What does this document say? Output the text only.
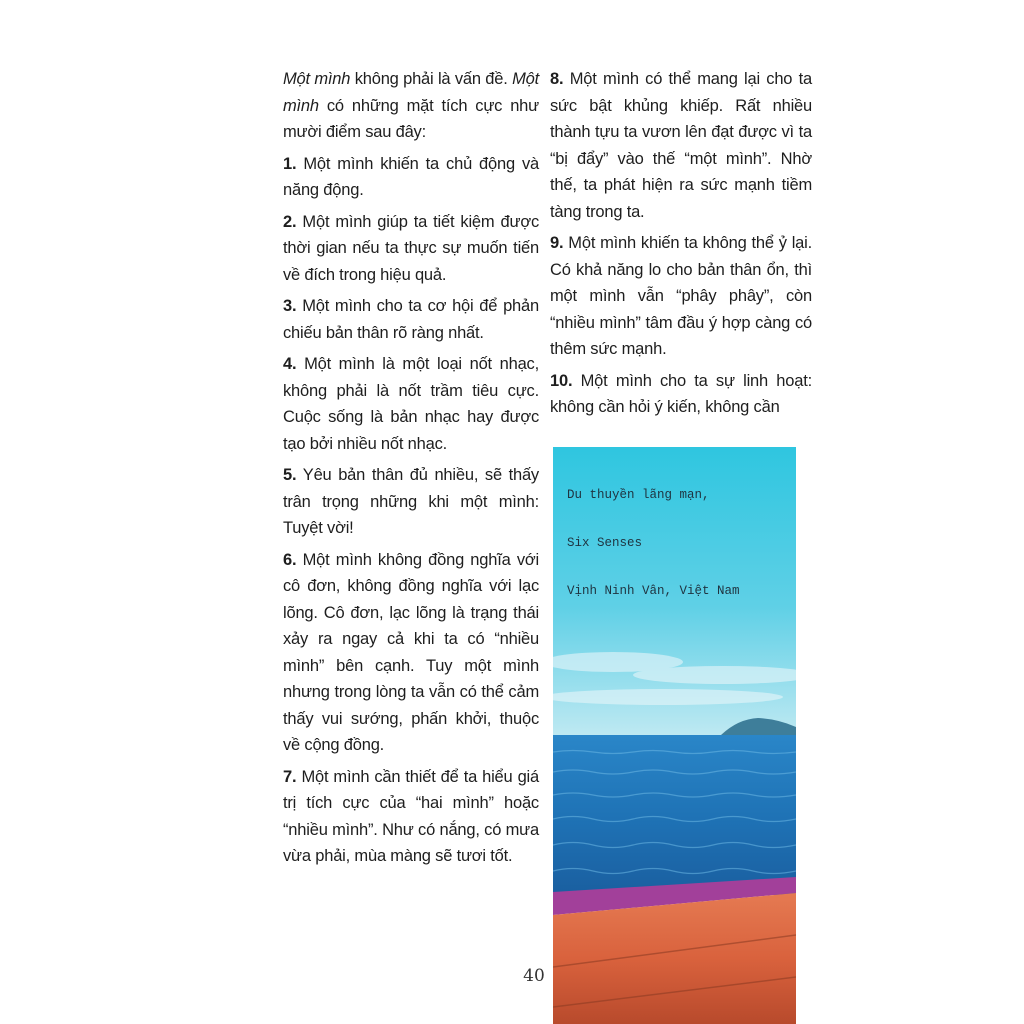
Một mình không phải là vấn đề. Một mình có những mặt tích cực như mười điểm sau đây:

1. Một mình khiến ta chủ động và năng động.

2. Một mình giúp ta tiết kiệm được thời gian nếu ta thực sự muốn tiến về đích trong hiệu quả.

3. Một mình cho ta cơ hội để phản chiếu bản thân rõ ràng nhất.

4. Một mình là một loại nốt nhạc, không phải là nốt trầm tiêu cực. Cuộc sống là bản nhạc hay được tạo bởi nhiều nốt nhạc.

5. Yêu bản thân đủ nhiều, sẽ thấy trân trọng những khi một mình: Tuyệt vời!

6. Một mình không đồng nghĩa với cô đơn, không đồng nghĩa với lạc lõng. Cô đơn, lạc lõng là trạng thái xảy ra ngay cả khi ta có “nhiều mình” bên cạnh. Tuy một mình nhưng trong lòng ta vẫn có thể cảm thấy vui sướng, phấn khởi, thuộc về cộng đồng.

7. Một mình cần thiết để ta hiểu giá trị tích cực của “hai mình” hoặc “nhiều mình”. Như có nắng, có mưa vừa phải, mùa màng sẽ tươi tốt.

8. Một mình có thể mang lại cho ta sức bật khủng khiếp. Rất nhiều thành tựu ta vươn lên đạt được vì ta “bị đẩy” vào thế “một mình”. Nhờ thế, ta phát hiện ra sức mạnh tiềm tàng trong ta.

9. Một mình khiến ta không thể ỷ lại. Có khả năng lo cho bản thân ổn, thì một mình vẫn “phây phây”, còn “nhiều mình” tâm đầu ý hợp càng có thêm sức mạnh.

10. Một mình cho ta sự linh hoạt: không cần hỏi ý kiến, không cần

Du thuyền lãng mạn,

Six Senses

Vịnh Ninh Vân, Việt Nam

40
